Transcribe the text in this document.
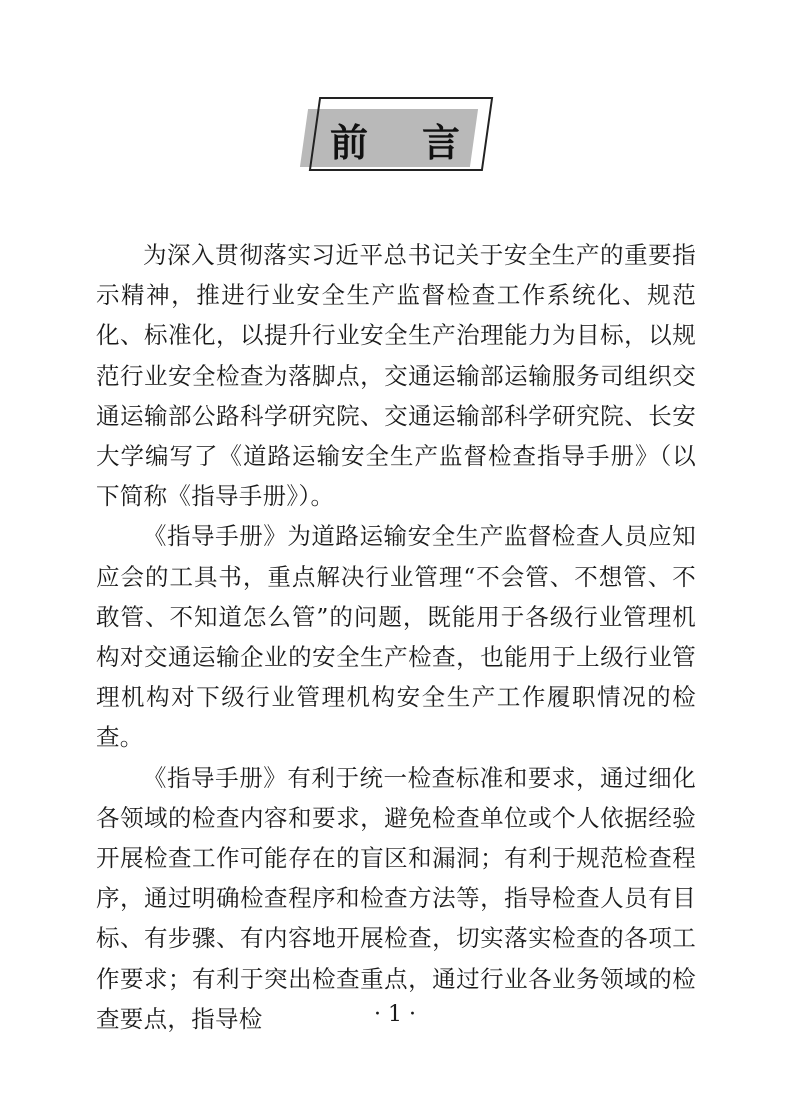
前 言

为深入贯彻落实习近平总书记关于安全生产的重要指示精神，推进行业安全生产监督检查工作系统化、规范化、标准化，以提升行业安全生产治理能力为目标，以规范行业安全检查为落脚点，交通运输部运输服务司组织交通运输部公路科学研究院、交通运输部科学研究院、长安大学编写了《道路运输安全生产监督检查指导手册》（以下简称《指导手册》）。

《指导手册》为道路运输安全生产监督检查人员应知应会的工具书，重点解决行业管理“不会管、不想管、不敢管、不知道怎么管”的问题，既能用于各级行业管理机构对交通运输企业的安全生产检查，也能用于上级行业管理机构对下级行业管理机构安全生产工作履职情况的检查。

《指导手册》有利于统一检查标准和要求，通过细化各领域的检查内容和要求，避免检查单位或个人依据经验开展检查工作可能存在的盲区和漏洞；有利于规范检查程序，通过明确检查程序和检查方法等，指导检查人员有目标、有步骤、有内容地开展检查，切实落实检查的各项工作要求；有利于突出检查重点，通过行业各业务领域的检查要点，指导检	· 1 ·
